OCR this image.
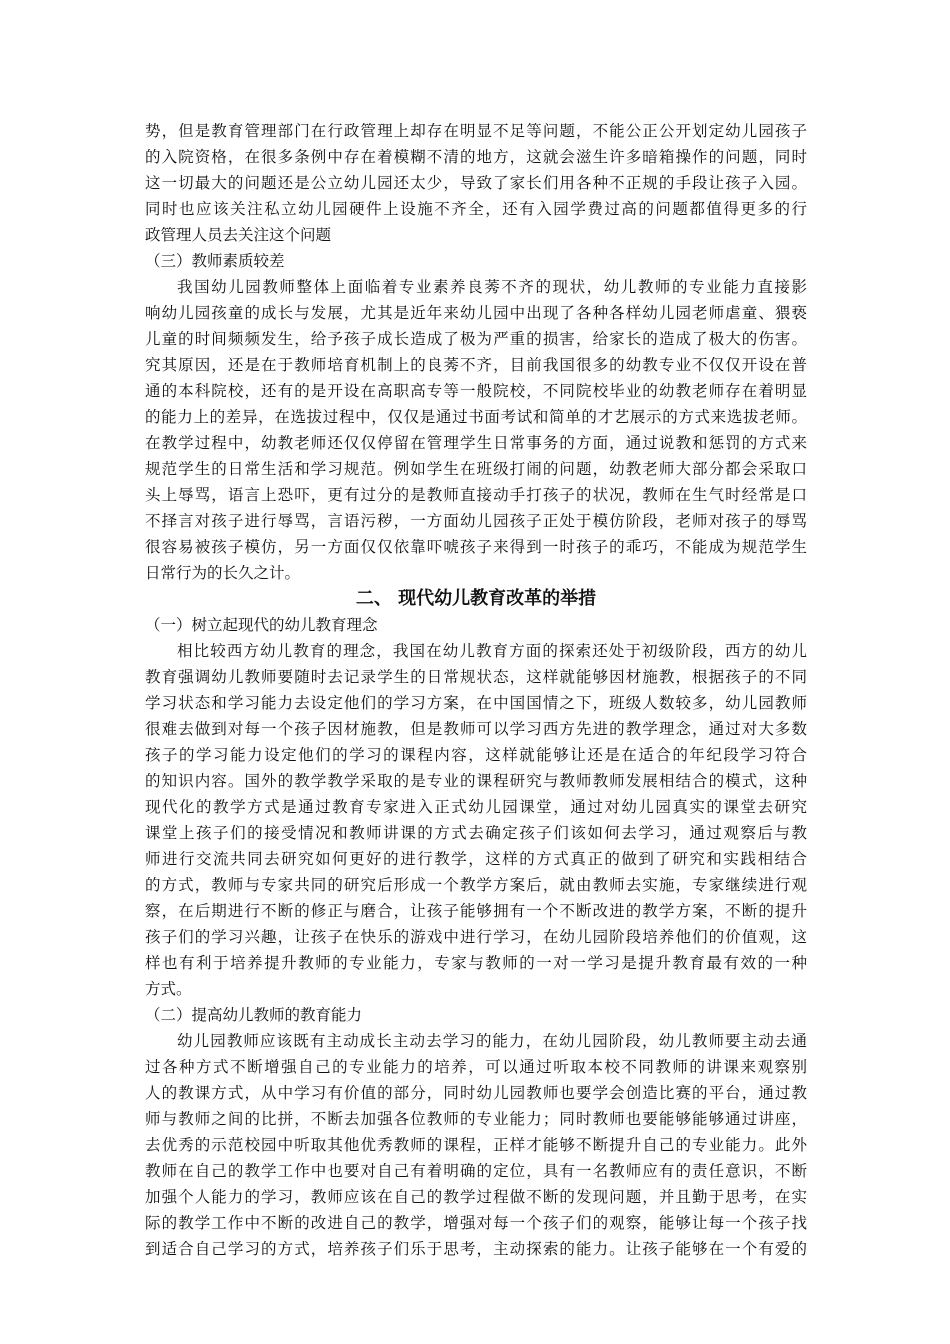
势，但是教育管理部门在行政管理上却存在明显不足等问题，不能公正公开划定幼儿园孩子
的入院资格，在很多条例中存在着模糊不清的地方，这就会滋生许多暗箱操作的问题，同时
这一切最大的问题还是公立幼儿园还太少，导致了家长们用各种不正规的手段让孩子入园。
同时也应该关注私立幼儿园硬件上设施不齐全，还有入园学费过高的问题都值得更多的行
政管理人员去关注这个问题
（三）教师素质较差
我国幼儿园教师整体上面临着专业素养良莠不齐的现状，幼儿教师的专业能力直接影
响幼儿园孩童的成长与发展，尤其是近年来幼儿园中出现了各种各样幼儿园老师虐童、猥亵
儿童的时间频频发生，给予孩子成长造成了极为严重的损害，给家长的造成了极大的伤害。
究其原因，还是在于教师培育机制上的良莠不齐，目前我国很多的幼教专业不仅仅开设在普
通的本科院校，还有的是开设在高职高专等一般院校，不同院校毕业的幼教老师存在着明显
的能力上的差异，在选拔过程中，仅仅是通过书面考试和简单的才艺展示的方式来选拔老师。
在教学过程中，幼教老师还仅仅停留在管理学生日常事务的方面，通过说教和惩罚的方式来
规范学生的日常生活和学习规范。例如学生在班级打闹的问题，幼教老师大部分都会采取口
头上辱骂，语言上恐吓，更有过分的是教师直接动手打孩子的状况，教师在生气时经常是口
不择言对孩子进行辱骂，言语污秽，一方面幼儿园孩子正处于模仿阶段，老师对孩子的辱骂
很容易被孩子模仿，另一方面仅仅依靠吓唬孩子来得到一时孩子的乖巧，不能成为规范学生
日常行为的长久之计。
二、 现代幼儿教育改革的举措
（一）树立起现代的幼儿教育理念
相比较西方幼儿教育的理念，我国在幼儿教育方面的探索还处于初级阶段，西方的幼儿
教育强调幼儿教师要随时去记录学生的日常规状态，这样就能够因材施教，根据孩子的不同
学习状态和学习能力去设定他们的学习方案，在中国国情之下，班级人数较多，幼儿园教师
很难去做到对每一个孩子因材施教，但是教师可以学习西方先进的教学理念，通过对大多数
孩子的学习能力设定他们的学习的课程内容，这样就能够让还是在适合的年纪段学习符合
的知识内容。国外的教学教学采取的是专业的课程研究与教师教师发展相结合的模式，这种
现代化的教学方式是通过教育专家进入正式幼儿园课堂，通过对幼儿园真实的课堂去研究
课堂上孩子们的接受情况和教师讲课的方式去确定孩子们该如何去学习，通过观察后与教
师进行交流共同去研究如何更好的进行教学，这样的方式真正的做到了研究和实践相结合
的方式，教师与专家共同的研究后形成一个教学方案后，就由教师去实施，专家继续进行观
察，在后期进行不断的修正与磨合，让孩子能够拥有一个不断改进的教学方案，不断的提升
孩子们的学习兴趣，让孩子在快乐的游戏中进行学习，在幼儿园阶段培养他们的价值观，这
样也有利于培养提升教师的专业能力，专家与教师的一对一学习是提升教育最有效的一种
方式。
（二）提高幼儿教师的教育能力
幼儿园教师应该既有主动成长主动去学习的能力，在幼儿园阶段，幼儿教师要主动去通
过各种方式不断增强自己的专业能力的培养，可以通过听取本校不同教师的讲课来观察别
人的教课方式，从中学习有价值的部分，同时幼儿园教师也要学会创造比赛的平台，通过教
师与教师之间的比拼，不断去加强各位教师的专业能力；同时教师也要能够能够通过讲座，
去优秀的示范校园中听取其他优秀教师的课程，正样才能够不断提升自己的专业能力。此外
教师在自己的教学工作中也要对自己有着明确的定位，具有一名教师应有的责任意识，不断
加强个人能力的学习，教师应该在自己的教学过程做不断的发现问题，并且勤于思考，在实
际的教学工作中不断的改进自己的教学，增强对每一个孩子们的观察，能够让每一个孩子找
到适合自己学习的方式，培养孩子们乐于思考，主动探索的能力。让孩子能够在一个有爱的
